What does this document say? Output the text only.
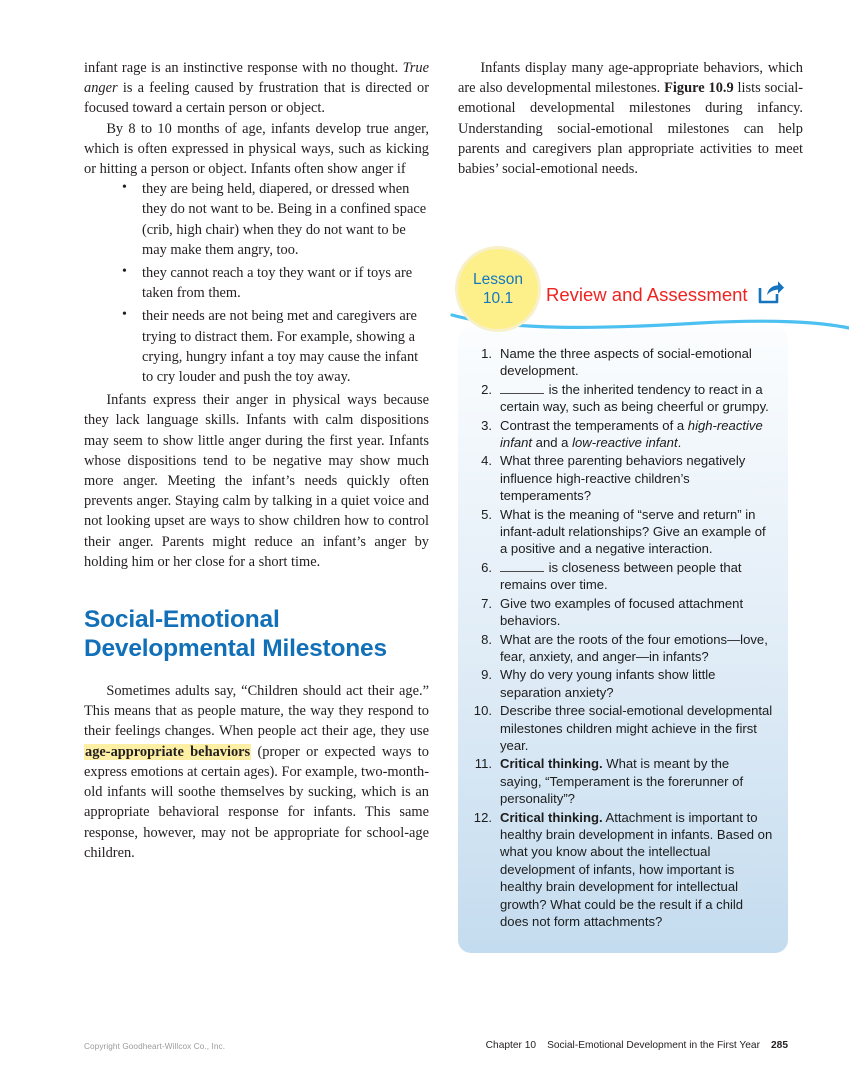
infant rage is an instinctive response with no thought. True anger is a feeling caused by frustration that is directed or focused toward a certain person or object.

By 8 to 10 months of age, infants develop true anger, which is often expressed in physical ways, such as kicking or hitting a person or object. Infants often show anger if

• they are being held, diapered, or dressed when they do not want to be. Being in a confined space (crib, high chair) when they do not want to be may make them angry, too.
• they cannot reach a toy they want or if toys are taken from them.
• their needs are not being met and caregivers are trying to distract them. For example, showing a crying, hungry infant a toy may cause the infant to cry louder and push the toy away.

Infants express their anger in physical ways because they lack language skills. Infants with calm dispositions may seem to show little anger during the first year. Infants whose dispositions tend to be negative may show much more anger. Meeting the infant’s needs quickly often prevents anger. Staying calm by talking in a quiet voice and not looking upset are ways to show children how to control their anger. Parents might reduce an infant’s anger by holding him or her close for a short time.

Social-Emotional Developmental Milestones

Sometimes adults say, “Children should act their age.” This means that as people mature, the way they respond to their feelings changes. When people act their age, they use age-appropriate behaviors (proper or expected ways to express emotions at certain ages). For example, two-month-old infants will soothe themselves by sucking, which is an appropriate behavioral response for infants. This same response, however, may not be appropriate for school-age children.

Infants display many age-appropriate behaviors, which are also developmental milestones. Figure 10.9 lists social-emotional developmental milestones during infancy. Understanding social-emotional milestones can help parents and caregivers plan appropriate activities to meet babies’ social-emotional needs.

Lesson
10.1 Review and Assessment
1. Name the three aspects of social-emotional development.
2.	is the inherited tendency to react in a certain way, such as being cheerful or grumpy.
3. Contrast the temperaments of a high-reactive infant and a low-reactive infant.
4. What three parenting behaviors negatively influence high-reactive children’s temperaments?
5. What is the meaning of “serve and return” in infant-adult relationships? Give an example of a positive and a negative interaction.
6.	is closeness between people that remains over time.
7. Give two examples of focused attachment behaviors.
8. What are the roots of the four emotions—love, fear, anxiety, and anger—in infants?
9. Why do very young infants show little separation anxiety?
10. Describe three social-emotional developmental milestones children might achieve in the first year.
11. Critical thinking. What is meant by the saying, “Temperament is the forerunner of personality”?
12. Critical thinking. Attachment is important to healthy brain development in infants. Based on what you know about the intellectual development of infants, how important is healthy brain development for intellectual growth? What could be the result if a child does not form attachments?
Copyright Goodheart-Willcox Co., Inc.	Chapter 10 Social-Emotional Development in the First Year 285
